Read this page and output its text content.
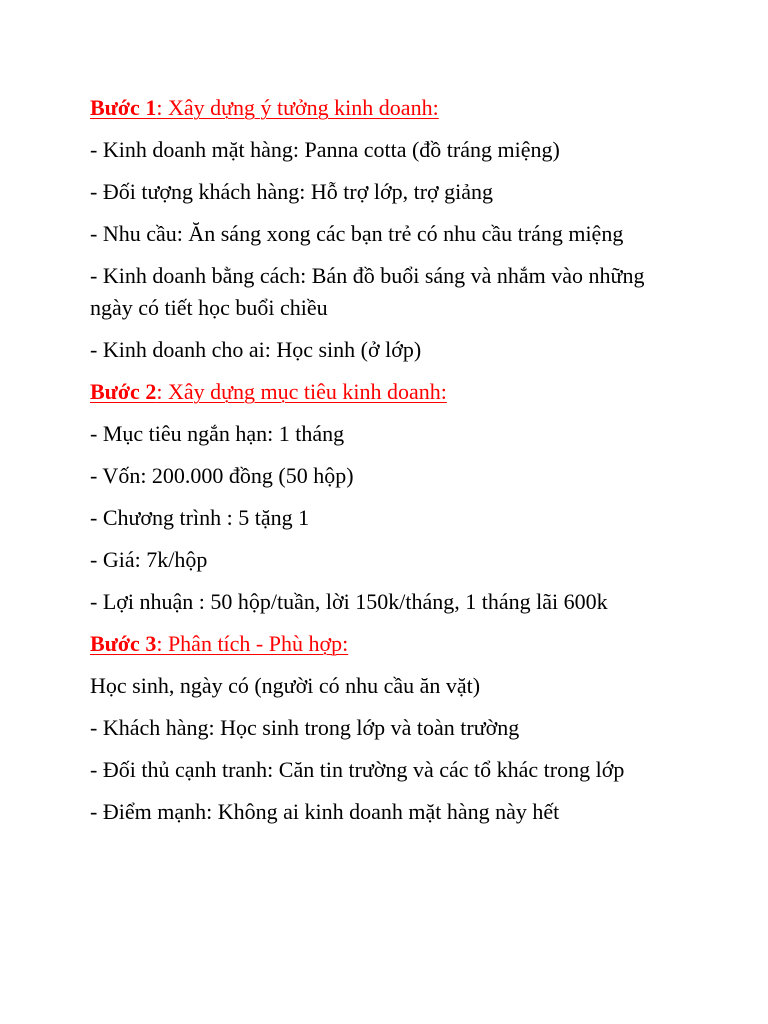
Bước 1: Xây dựng ý tưởng kinh doanh:

- Kinh doanh mặt hàng: Panna cotta (đồ tráng miệng)

- Đối tượng khách hàng: Hỗ trợ lớp, trợ giảng

- Nhu cầu: Ăn sáng xong các bạn trẻ có nhu cầu tráng miệng

- Kinh doanh bằng cách: Bán đồ buổi sáng và nhắm vào những ngày có tiết học buổi chiều

- Kinh doanh cho ai: Học sinh (ở lớp)

Bước 2: Xây dựng mục tiêu kinh doanh:

- Mục tiêu ngắn hạn: 1 tháng

- Vốn: 200.000 đồng (50 hộp)

- Chương trình : 5 tặng 1

- Giá: 7k/hộp

- Lợi nhuận : 50 hộp/tuần, lời 150k/tháng, 1 tháng lãi 600k

Bước 3: Phân tích - Phù hợp:

Học sinh, ngày có (người có nhu cầu ăn vặt)

- Khách hàng: Học sinh trong lớp và toàn trường

- Đối thủ cạnh tranh: Căn tin trường và các tổ khác trong lớp

- Điểm mạnh: Không ai kinh doanh mặt hàng này hết
